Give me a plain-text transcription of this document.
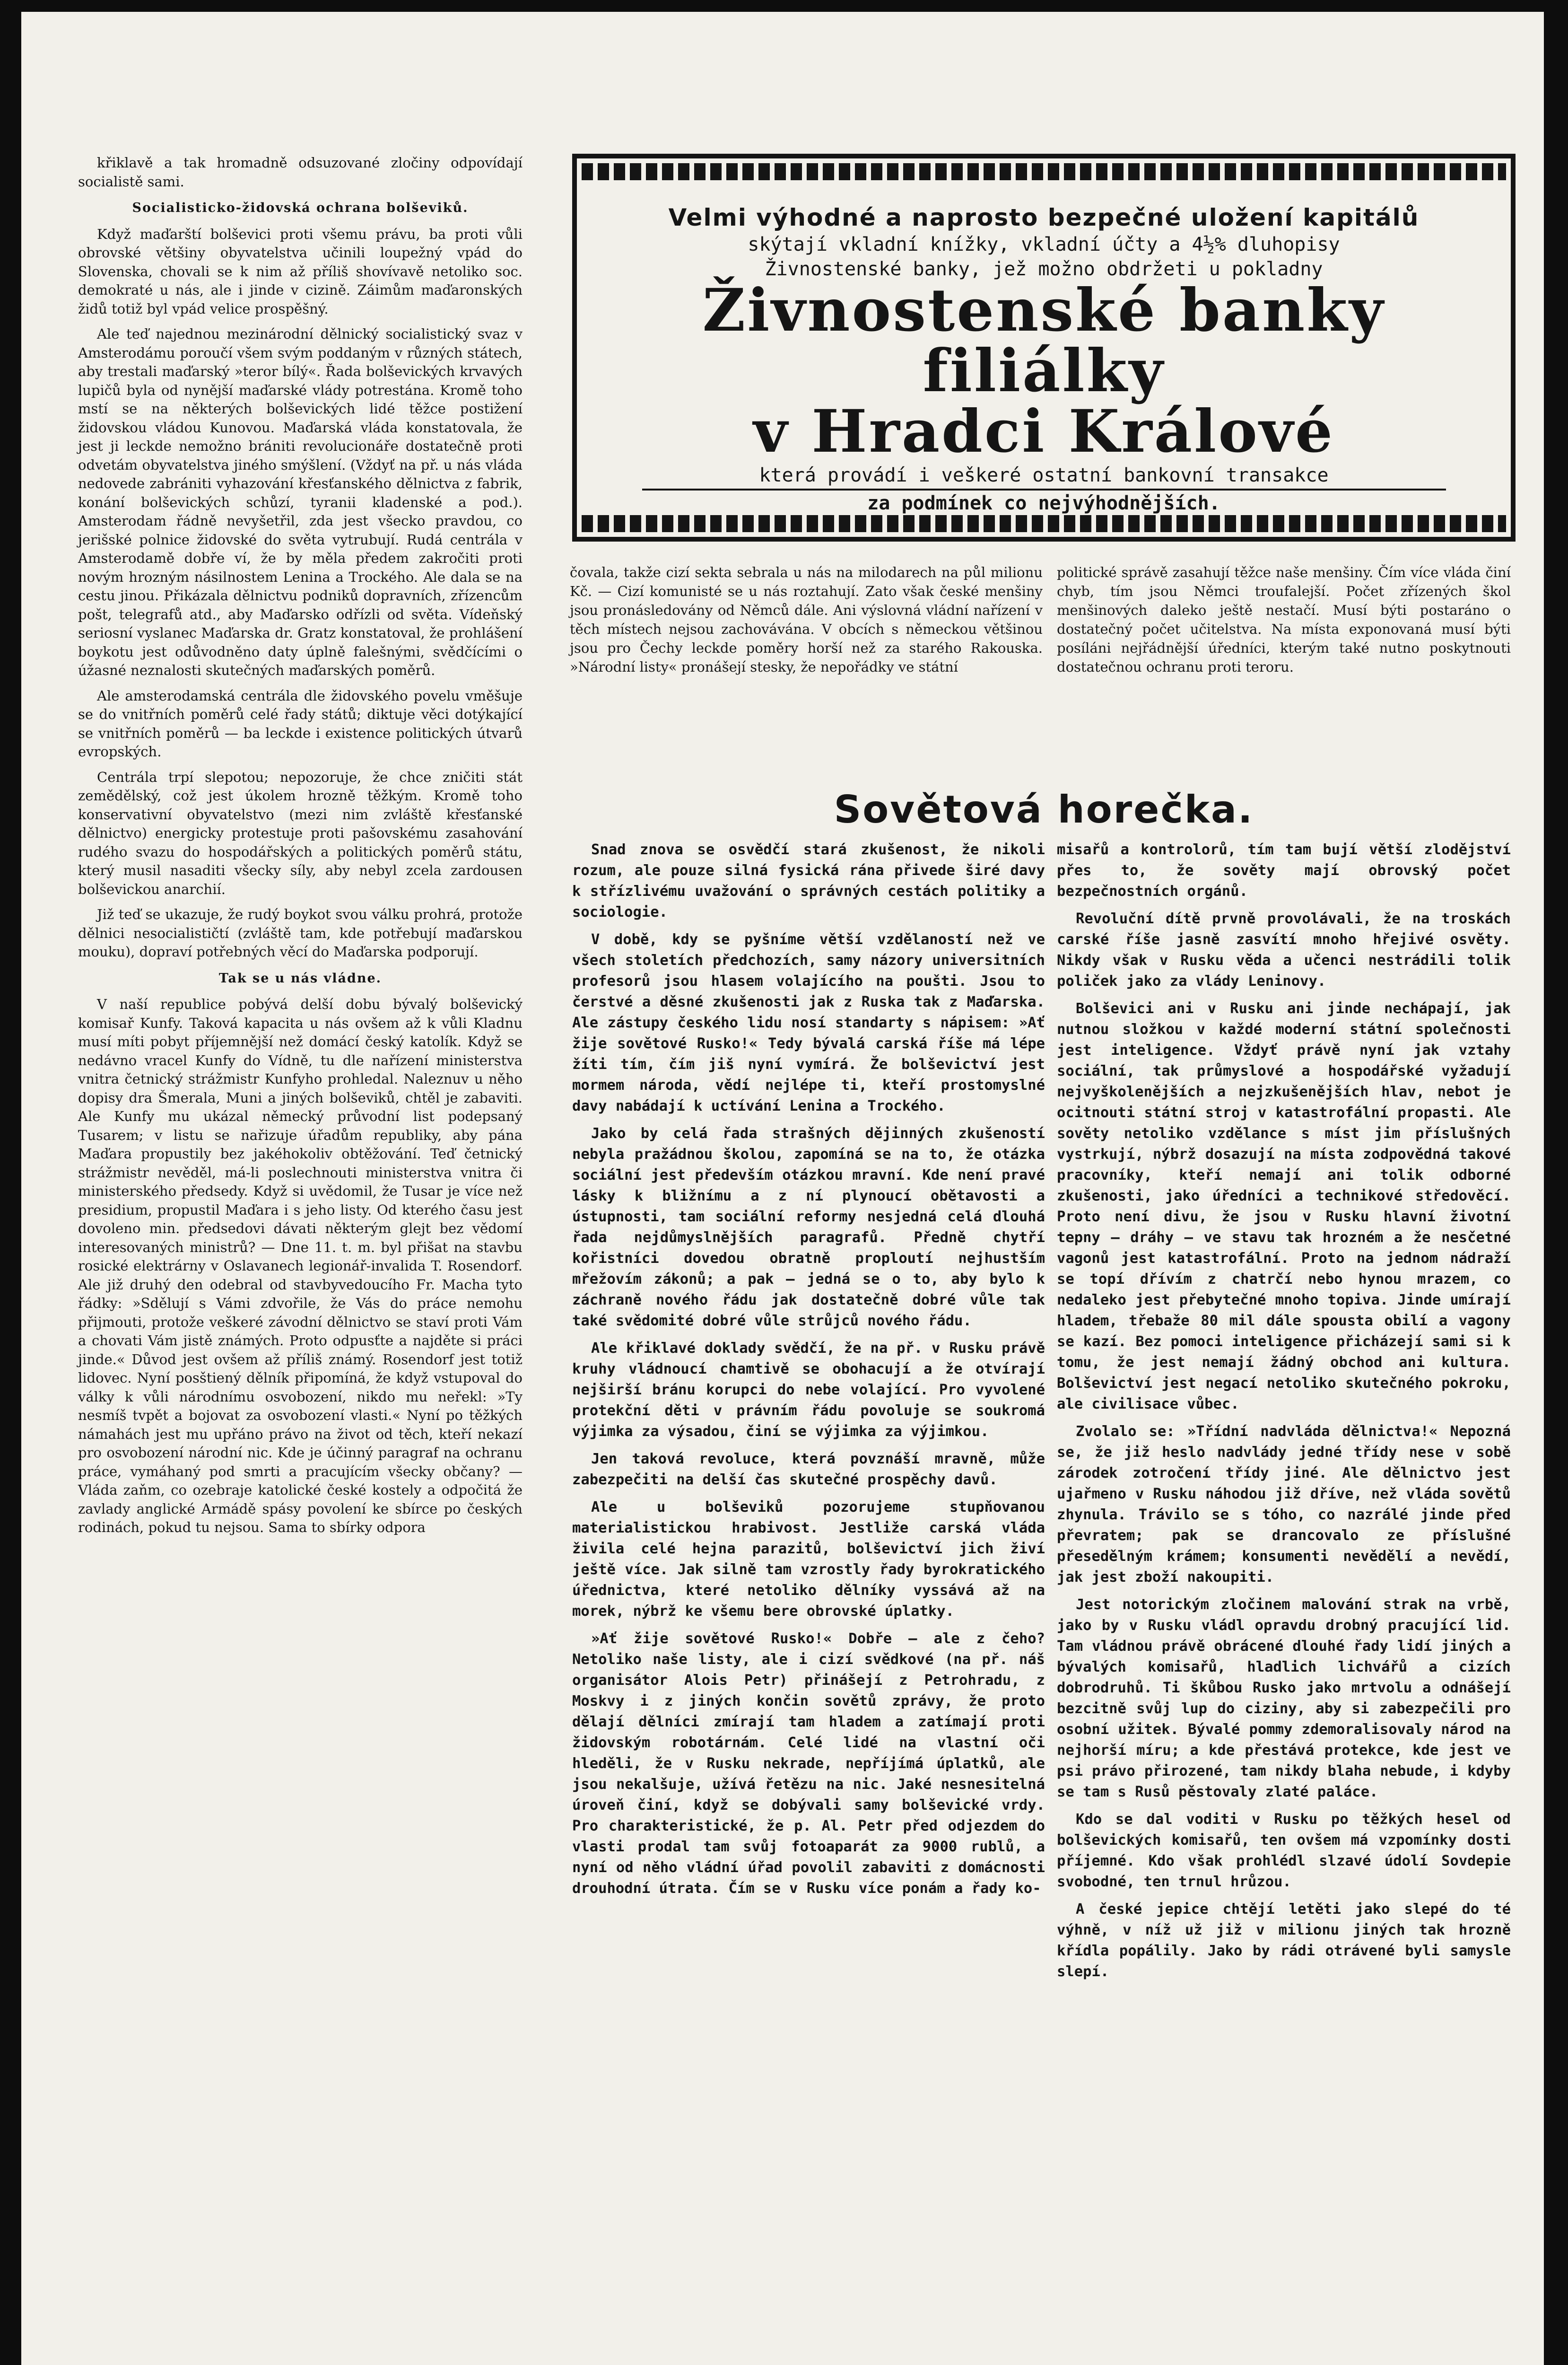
křiklavě a tak hromadně odsuzované zločiny odpovídají socialistě sami.

Socialisticko-židovská ochrana bolševiků.

Když maďarští bolševici proti všemu právu, ba proti vůli obrovské většiny obyvatelstva učinili loupežný vpád do Slovenska, chovali se k nim až příliš shovívavě netoliko soc. demokraté u nás, ale i jinde v cizině. Záimům maďaronských židů totiž byl vpád velice prospěšný.

Ale teď najednou mezinárodní dělnický socialistický svaz v Amsterodámu poroučí všem svým poddaným v různých státech, aby trestali maďarský »teror bílý«. Řada bolševických krvavých lupičů byla od nynější maďarské vlády potrestána. Kromě toho mstí se na některých bolševických lidé těžce postižení židovskou vládou Kunovou. Maďarská vláda konstatovala, že jest ji leckde nemožno brániti revolucionáře dostatečně proti odvetám obyvatelstva jiného smýšlení. (Vždyť na př. u nás vláda nedovede zabrániti vyhazování křesťanského dělnictva z fabrik, konání bolševických schůzí, tyranii kladenské a pod.). Amsterodam řádně nevyšetřil, zda jest všecko pravdou, co jerišské polnice židovské do světa vytrubují. Rudá centrála v Amsterodamě dobře ví, že by měla předem zakročiti proti novým hrozným násilnostem Lenina a Trockého. Ale dala se na cestu jinou. Přikázala dělnictvu podniků dopravních, zřízencům pošt, telegrafů atd., aby Maďarsko odřízli od světa. Vídeňský seriosní vyslanec Maďarska dr. Gratz konstatoval, že prohlášení boykotu jest odůvodněno daty úplně falešnými, svědčícími o úžasné neznalosti skutečných maďarských poměrů.

Ale amsterodamská centrála dle židovského povelu vměšuje se do vnitřních poměrů celé řady států; diktuje věci dotýkající se vnitřních poměrů — ba leckde i existence politických útvarů evropských.

Centrála trpí slepotou; nepozoruje, že chce zničiti stát zemědělský, což jest úkolem hrozně těžkým. Kromě toho konservativní obyvatelstvo (mezi nim zvláště křesťanské dělnictvo) energicky protestuje proti pašovskému zasahování rudého svazu do hospodářských a politických poměrů státu, který musil nasaditi všecky síly, aby nebyl zcela zardousen bolševickou anarchií.

Již teď se ukazuje, že rudý boykot svou válku prohrá, protože dělnici nesocialističtí (zvláště tam, kde potřebují maďarskou mouku), dopraví potřebných věcí do Maďarska podporují.

Tak se u nás vládne.

V naší republice pobývá delší dobu bývalý bolševický komisař Kunfy. Taková kapacita u nás ovšem až k vůli Kladnu musí míti pobyt příjemnější než domácí český katolík. Když se nedávno vracel Kunfy do Vídně, tu dle nařízení ministerstva vnitra četnický strážmistr Kunfyho prohledal. Naleznuv u něho dopisy dra Šmerala, Muni a jiných bolševiků, chtěl je zabaviti. Ale Kunfy mu ukázal německý průvodní list podepsaný Tusarem; v listu se nařizuje úřadům republiky, aby pána Maďara propustily bez jakéhokoliv obtěžování. Teď četnický strážmistr nevěděl, má-li poslechnouti ministerstva vnitra či ministerského předsedy. Když si uvědomil, že Tusar je více než presidium, propustil Maďara i s jeho listy. Od kterého času jest dovoleno min. předsedovi dávati některým glejt bez vědomí interesovaných ministrů? — Dne 11. t. m. byl přišat na stavbu rosické elektrárny v Oslavanech legionář-invalida T. Rosendorf. Ale již druhý den odebral od stavbyvedoucího Fr. Macha tyto řádky: »Sdělují s Vámi zdvořile, že Vás do práce nemohu přijmouti, protože veškeré závodní dělnictvo se staví proti Vám a chovati Vám jistě známých. Proto odpusťte a najděte si práci jinde.« Důvod jest ovšem až příliš známý. Rosendorf jest totiž lidovec. Nyní posštiený dělník připomíná, že když vstupoval do války k vůli národnímu osvobození, nikdo mu neřekl: »Ty nesmíš tvpět a bojovat za osvobození vlasti.« Nyní po těžkých námahách jest mu upřáno právo na život od těch, kteří nekazí pro osvobození národní nic. Kde je účinný paragraf na ochranu práce, vymáhaný pod smrti a pracujícím všecky občany? — Vláda zaňm, co ozebraje katolické české kostely a odpočitá že zavlady anglické Armádě spásy povolení ke sbírce po českých rodinách, pokud tu nejsou. Sama to sbírky odpora

Velmi výhodné a naprosto bezpečné uložení kapitálů
skýtají vkladní knížky, vkladní účty a 4½% dluhopisy
Živnostenské banky, jež možno obdržeti u pokladny
Živnostenské banky filiálky
v Hradci Králové
která provádí i veškeré ostatní bankovní transakce
za podmínek co nejvýhodnějších.

čovala, takže cizí sekta sebrala u nás na milodarech na půl milionu Kč. — Cizí komunisté se u nás roztahují. Zato však české menšiny jsou pronásledovány od Němců dále. Ani výslovná vládní nařízení v těch místech nejsou zachovávána. V obcích s německou většinou jsou pro Čechy leckde poměry horší než za starého Rakouska. »Národní listy« pronášejí stesky, že nepořádky ve státní

politické správě zasahují těžce naše menšiny. Čím více vláda činí chyb, tím jsou Němci troufalejší. Počet zřízených škol menšinových daleko ještě nestačí. Musí býti postaráno o dostatečný počet učitelstva. Na místa exponovaná musí býti posíláni nejřádnější úředníci, kterým také nutno poskytnouti dostatečnou ochranu proti teroru.

Sovětová horečka.

Snad znova se osvědčí stará zkušenost, že nikoli rozum, ale pouze silná fysická rána přivede širé davy k střízlivému uvažování o správných cestách politiky a sociologie.

V době, kdy se pyšníme větší vzdělaností než ve všech stoletích předchozích, samy názory universitních profesorů jsou hlasem volajícího na poušti. Jsou to čerstvé a děsné zkušenosti jak z Ruska tak z Maďarska. Ale zástupy českého lidu nosí standarty s nápisem: »Ať žije sovětové Rusko!« Tedy bývalá carská říše má lépe žíti tím, čím jiš nyní vymírá. Že bolševictví jest mormem národa, vědí nejlépe ti, kteří prostomyslné davy nabádají k uctívání Lenina a Trockého.

Jako by celá řada strašných dějinných zkušeností nebyla pražádnou školou, zapomíná se na to, že otázka sociální jest především otázkou mravní. Kde není pravé lásky k bližnímu a z ní plynoucí obětavosti a ústupnosti, tam sociální reformy nesjedná celá dlouhá řada nejdůmyslnějších paragrafů. Předně chytří kořistníci dovedou obratně proploutí nejhustším mřežovím zákonů; a pak — jedná se o to, aby bylo k záchraně nového řádu jak dostatečně dobré vůle tak také svědomité dobré vůle strůjců nového řádu.

Ale křiklavé doklady svědčí, že na př. v Rusku právě kruhy vládnoucí chamtivě se obohacují a že otvírají nejširší bránu korupci do nebe volající. Pro vyvolené protekční děti v právním řádu povoluje se soukromá výjimka za výsadou, činí se výjimka za výjimkou.

Jen taková revoluce, která povznáší mravně, může zabezpečiti na delší čas skutečné prospěchy davů.

Ale u bolševiků pozorujeme stupňovanou materialistickou hrabivost. Jestliže carská vláda živila celé hejna parazitů, bolševictví jich živí ještě více. Jak silně tam vzrostly řady byrokratického úřednictva, které netoliko dělníky vyssává až na morek, nýbrž ke všemu bere obrovské úplatky.

»Ať žije sovětové Rusko!« Dobře — ale z čeho? Netoliko naše listy, ale i cizí svědkové (na př. náš organisátor Alois Petr) přinášejí z Petrohradu, z Moskvy i z jiných končin sovětů zprávy, že proto dělají dělníci zmírají tam hladem a zatímají proti židovským robotárnám. Celé lidé na vlastní oči hleděli, že v Rusku nekrade, nepříjímá úplatků, ale jsou nekalšuje, užívá řetězu na nic. Jaké nesnesitelná úroveň činí, když se dobývali samy bolševické vrdy. Pro charakteristické, že p. Al. Petr před odjezdem do vlasti prodal tam svůj fotoaparát za 9000 rublů, a nyní od něho vládní úřad povolil zabaviti z domácnosti drouhodní útrata. Čím se v Rusku více ponám a řady ko-

misařů a kontrolorů, tím tam bují větší zlodějství přes to, že sověty mají obrovský počet bezpečnostních orgánů.

Revoluční dítě prvně provolávali, že na troskách carské říše jasně zasvítí mnoho hřejivé osvěty. Nikdy však v Rusku věda a učenci nestrádili tolik poliček jako za vlády Leninovy.

Bolševici ani v Rusku ani jinde nechápají, jak nutnou složkou v každé moderní státní společnosti jest inteligence. Vždyť právě nyní jak vztahy sociální, tak průmyslové a hospodářské vyžadují nejvyškolenějších a nejzkušenějších hlav, nebot je ocitnouti státní stroj v katastrofální propasti. Ale sověty netoliko vzdělance s míst jim příslušných vystrkují, nýbrž dosazují na místa zodpovědná takové pracovníky, kteří nemají ani tolik odborné zkušenosti, jako úředníci a technikové středověcí. Proto není divu, že jsou v Rusku hlavní životní tepny — dráhy — ve stavu tak hrozném a že nesčetné vagonů jest katastrofální. Proto na jednom nádraží se topí dřívím z chatrčí nebo hynou mrazem, co nedaleko jest přebytečné mnoho topiva. Jinde umírají hladem, třebaže 80 mil dále spousta obilí a vagony se kazí. Bez pomoci inteligence přicházejí sami si k tomu, že jest nemají žádný obchod ani kultura. Bolševictví jest negací netoliko skutečného pokroku, ale civilisace vůbec.

Zvolalo se: »Třídní nadvláda dělnictva!« Nepozná se, že již heslo nadvlády jedné třídy nese v sobě zárodek zotročení třídy jiné. Ale dělnictvo jest ujařmeno v Rusku náhodou již dříve, než vláda sovětů zhynula. Trávilo se s tóho, co nazrálé jinde před převratem; pak se drancovalo ze příslušné přesedělným krámem; konsumenti nevědělí a nevědí, jak jest zboží nakoupiti.

Jest notorickým zločinem malování strak na vrbě, jako by v Rusku vládl opravdu drobný pracující lid. Tam vládnou právě obrácené dlouhé řady lidí jiných a bývalých komisařů, hladlich lichvářů a cizích dobrodruhů. Ti škůbou Rusko jako mrtvolu a odnášejí bezcitně svůj lup do ciziny, aby si zabezpečili pro osobní užitek. Bývalé pommy zdemoralisovaly národ na nejhorší míru; a kde přestává protekce, kde jest ve psi právo přirozené, tam nikdy blaha nebude, i kdyby se tam s Rusů pěstovaly zlaté palácе.

Kdo se dal voditi v Rusku po těžkých hesel od bolševických komisařů, ten ovšem má vzpomínky dosti příjemné. Kdo však prohlédl slzavé údolí Sovdepie svobodné, ten trnul hrůzou.

A české jepice chtějí letěti jako slepé do té výhně, v níž už již v milionu jiných tak hrozně křídla popálily. Jako by rádi otrávené byli samysle slepí.
